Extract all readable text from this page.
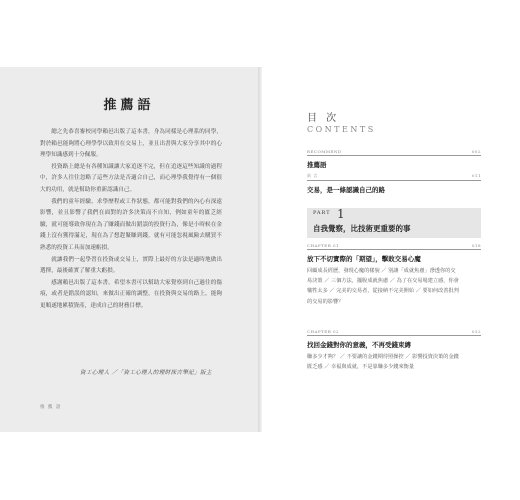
推薦語

總之先恭喜審校同學賴邑出版了這本書，身為同樣是心理系的同學，對於賴邑能夠將心理學學以致用在交易上，並且出書與大家分享其中的心理學知識感到十分佩服。

投資路上總是有各種知識讓大家追逐不完，但在追逐這些知識的過程中，許多人往往忽略了這些方法是否適合自己，而心理學我覺得有一個很大的功用，就是幫助你重新認識自己。

我們的童年經驗、求學歷程或工作狀態，都可能對我們的內心有深遠影響，並且影響了我們在面對的許多決策而不自知，例如童年的匱乏經驗，就可能導致你現在為了賺錢而做出錯誤的投資行為，像是小時候在金錢上沒有獲得滿足，現在為了想趕緊賺到錢，就有可能忽視風險去購買不熟悉的投資工具而加速虧損。

就讓我們一起學習在投資或交易上，實際上最好的方法是適時地做出選擇，最後確實了解重大虧損。

感謝賴邑出版了這本書，希望本書可以幫助大家覺察到自己過往的傷痕，或者是錯誤的認知，來做出正確的調整，在投資與交易的路上，能夠更順遂地累積資產，達成自己的財務目標。

資工心理人 ／「資工心理人的理財探吉筆記」版主
推 薦 語
目 次
CONTENTS
RECOMMEND	002
推薦語
前 言	011
交易，是一條認識自己的路
PART 1
自我覺察，比技術更重要的事
CHAPTER 01	018
放下不切實際的「期望」，擊敗交易心魔
回顧成長經歷，發現心魔的樣貌 ／ 別讓「成就焦慮」滲透你的交
易決策 ／ 三個方法，擺脫成就焦慮 ／ 為了在交易場建立感，你會
犧牲太多 ／ 完美的交易者，從接納不完美開始 ／ 要如何改善批判
的交易的影響？
CHAPTER 02	032
找回金錢對你的意義，不再受錢束縛
賺多少才夠？ ／ 不要讓的金錢期待照操控 ／ 影響投資決策的金錢
匱乏感 ／ 幸福與成就，不是靠賺多少錢來衡量
